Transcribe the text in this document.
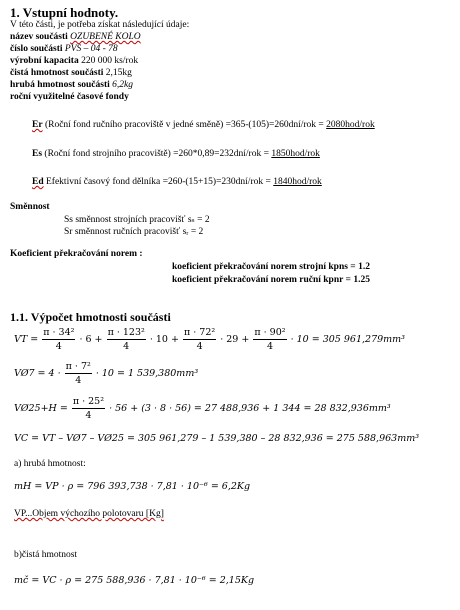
1. Vstupní hodnoty.
V této části, je potřeba získat následující údaje:
název součásti OZUBENÉ KOLO
číslo součásti PVS – 04 - 78
výrobní kapacita 220 000 ks/rok
čistá hmotnost součásti 2,15kg
hrubá hmotnost součásti 6,2kg
roční využitelné časové fondy
Er (Roční fond ručního pracoviště v jedné směně) =365-(105)=260dní/rok = 2080hod/rok
Es (Roční fond strojního pracoviště) =260*0,89=232dní/rok = 1850hod/rok
Ed Efektivní časový fond dělníka =260-(15+15)=230dní/rok = 1840hod/rok
Směnnost
Ss směnnost strojních pracovišť sₛ = 2
Sr směnnost ručních pracovišť sᵣ = 2
Koeficient překračování norem :
koeficient překračování norem strojní kpns = 1.2
koeficient překračování norem ruční kpnr = 1.25
1.1. Výpočet hmotnosti součásti
VT = $\frac{\text{π · 34²}}{4} \cdot 6 + \frac{\text{π · 123²}}{4} \cdot 10 + \frac{\text{π · 72²}}{4} \cdot 29 + \frac{\text{π · 90²}}{4} \cdot 10 = 305$ 961,279mm³
VØ7 = $4 \cdot \frac{\text{π · 7²}}{4} \cdot 10 = 1$ 539,380mm³
VØ25+H = $\frac{\text{π · 25²}}{4} \cdot 56 + (3 \cdot 8 \cdot 56) = 27$ 488,936 + 1 344 = 28 832,936mm³
VC = VT – VØ7 – VØ25 = 305 961,279 – 1 539,380 – 28 832,936 = 275 588,963mm³
a) hrubá hmotnost:
mH = VP · ρ = 796 393,738 · 7,81 · 10⁻⁶ = 6,2Kg
VP...Objem výchozího polotovaru [Kg]
b)čistá hmotnost
mč = VC · ρ = 275 588,936 · 7,81 · 10⁻⁶ = 2,15Kg
